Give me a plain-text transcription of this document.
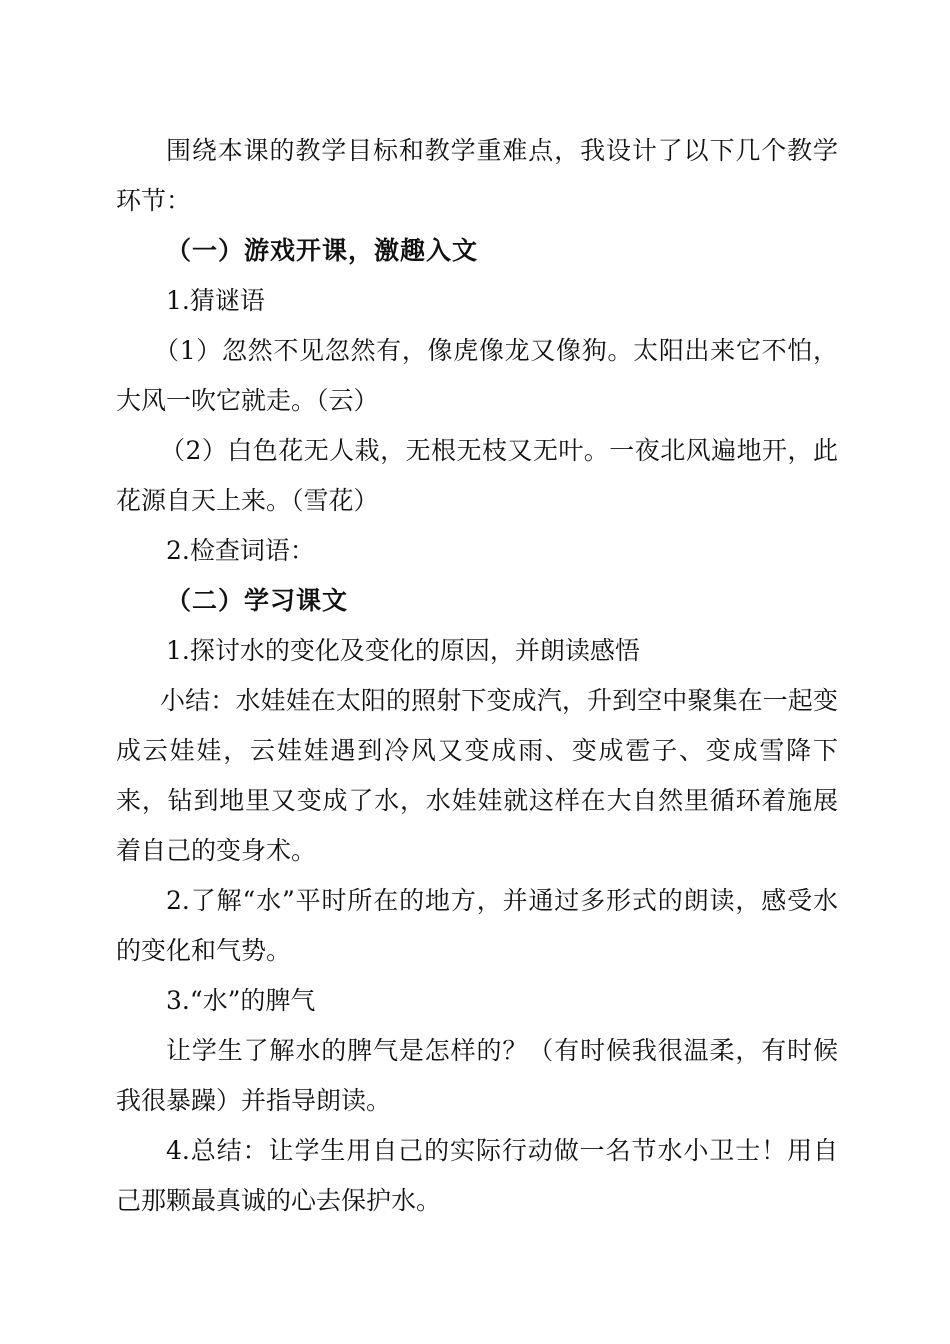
围绕本课的教学目标和教学重难点，我设计了以下几个教学环节：

（一）游戏开课，激趣入文

1.猜谜语

（1）忽然不见忽然有，像虎像龙又像狗。太阳出来它不怕，大风一吹它就走。（云）

（2）白色花无人栽，无根无枝又无叶。一夜北风遍地开，此花源自天上来。（雪花）

2.检查词语：

（二）学习课文

1.探讨水的变化及变化的原因，并朗读感悟

小结：水娃娃在太阳的照射下变成汽，升到空中聚集在一起变成云娃娃，云娃娃遇到冷风又变成雨、变成雹子、变成雪降下来，钻到地里又变成了水，水娃娃就这样在大自然里循环着施展着自己的变身术。

2.了解“水”平时所在的地方，并通过多形式的朗读，感受水的变化和气势。

3.“水”的脾气

让学生了解水的脾气是怎样的？（有时候我很温柔，有时候我很暴躁）并指导朗读。

4.总结：让学生用自己的实际行动做一名节水小卫士！用自己那颗最真诚的心去保护水。
